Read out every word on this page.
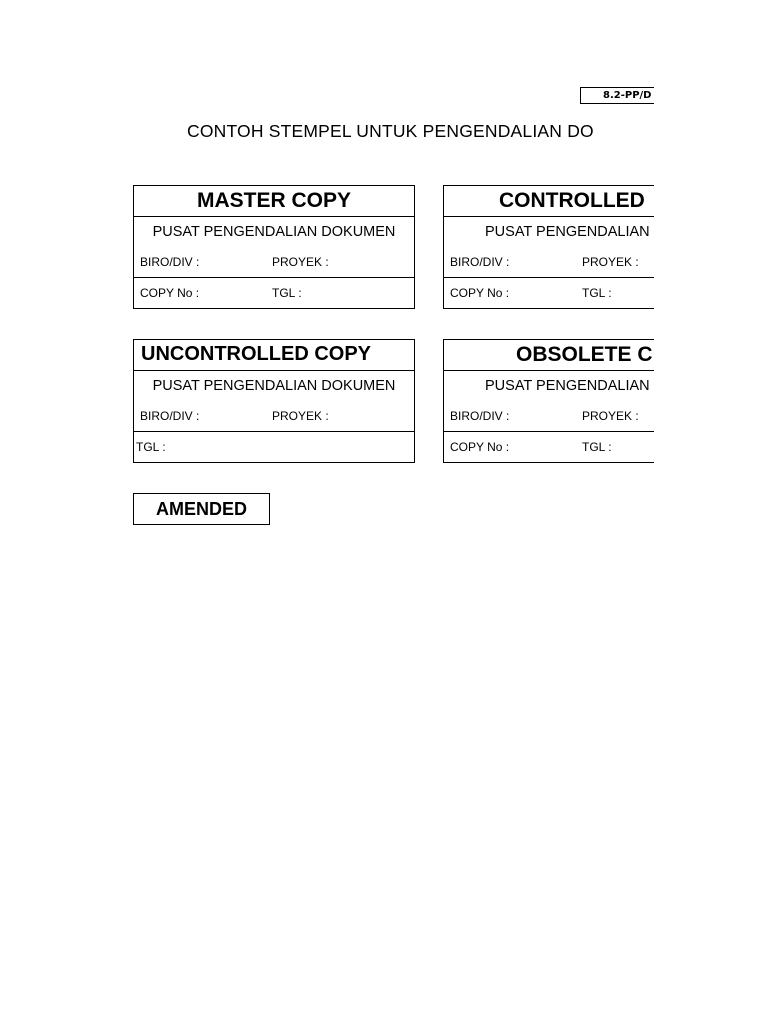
8.2-PP/D
CONTOH STEMPEL UNTUK PENGENDALIAN DO
MASTER COPY
PUSAT PENGENDALIAN DOKUMEN
BIRO/DIV :	PROYEK :
COPY No :	TGL :
CONTROLLED
PUSAT PENGENDALIAN
BIRO/DIV :	PROYEK :
COPY No :	TGL :
UNCONTROLLED COPY
PUSAT PENGENDALIAN DOKUMEN
BIRO/DIV :	PROYEK :
TGL :
OBSOLETE C
PUSAT PENGENDALIAN
BIRO/DIV :	PROYEK :
COPY No :	TGL :
AMENDED
